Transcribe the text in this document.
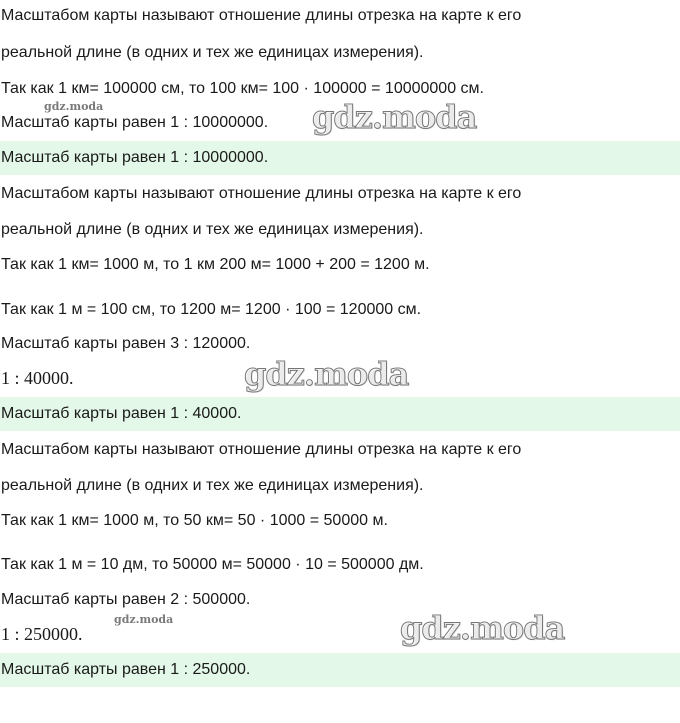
Масштабом карты называют отношение длины отрезка на карте к его
реальной длине (в одних и тех же единицах измерения).
Так как 1 км= 100000 см, то 100 км= 100 · 100000 = 10000000 см.
gdz.moda
Масштаб карты равен 1 : 10000000.	gdz.moda
Масштаб карты равен 1 : 10000000.
Масштабом карты называют отношение длины отрезка на карте к его
реальной длине (в одних и тех же единицах измерения).
Так как 1 км= 1000 м, то 1 км 200 м= 1000 + 200 = 1200 м.
Так как 1 м = 100 см, то 1200 м= 1200 · 100 = 120000 см.
Масштаб карты равен 3 : 120000.
1 : 40000.	gdz.moda
Масштаб карты равен 1 : 40000.
Масштабом карты называют отношение длины отрезка на карте к его
реальной длине (в одних и тех же единицах измерения).
Так как 1 км= 1000 м, то 50 км= 50 · 1000 = 50000 м.
Так как 1 м = 10 дм, то 50000 м= 50000 · 10 = 500000 дм.
Масштаб карты равен 2 : 500000.
1 : 250000.
gdz.moda	gdz.moda
Масштаб карты равен 1 : 250000.
